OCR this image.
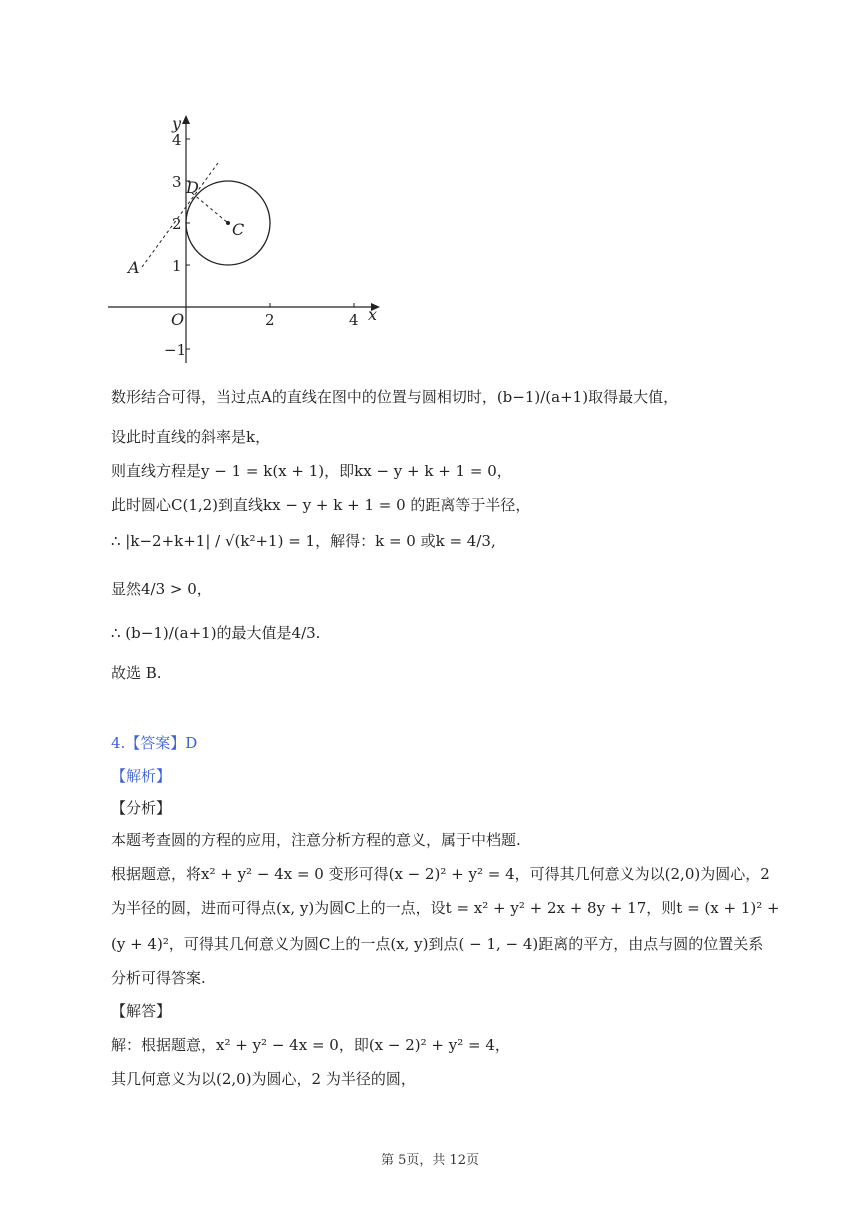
y
x
O
4
3
2
1
−1
2	4
D
C
A
数形结合可得，当过点A的直线在图中的位置与圆相切时，(b−1)/(a+1)取得最大值，
设此时直线的斜率是k，
则直线方程是y − 1 = k(x + 1)，即kx − y + k + 1 = 0，
此时圆心C(1,2)到直线kx − y + k + 1 = 0 的距离等于半径，
∴ |k−2+k+1| / √(k²+1) = 1，解得：k = 0 或k = 4/3,
显然4/3 > 0，
∴ (b−1)/(a+1)的最大值是4/3.
故选 B.
4.【答案】D
【解析】
【分析】
本题考查圆的方程的应用，注意分析方程的意义，属于中档题.
根据题意，将x² + y² − 4x = 0 变形可得(x − 2)² + y² = 4，可得其几何意义为以(2,0)为圆心，2
为半径的圆，进而可得点(x, y)为圆C上的一点，设t = x² + y² + 2x + 8y + 17，则t = (x + 1)² +
(y + 4)²，可得其几何意义为圆C上的一点(x, y)到点( − 1, − 4)距离的平方，由点与圆的位置关系
分析可得答案.
【解答】
解：根据题意，x² + y² − 4x = 0，即(x − 2)² + y² = 4，
其几何意义为以(2,0)为圆心，2 为半径的圆，
第 5页，共 12页
